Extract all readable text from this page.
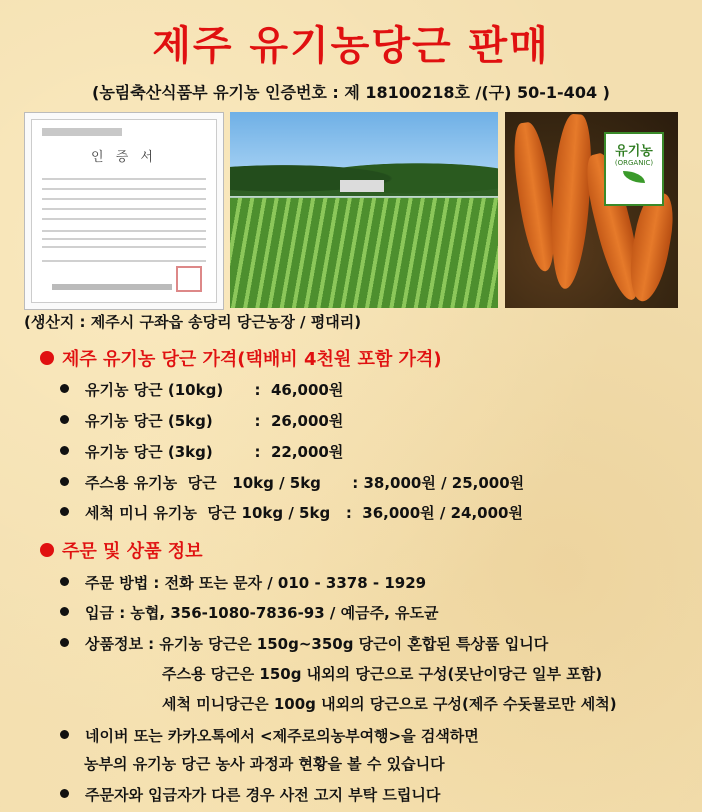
제주 유기농당근 판매
(농림축산식품부 유기농 인증번호 : 제 18100218호 /(구) 50-1-404 )
인 증 서	유기농
(ORGANIC)
(생산지 : 제주시 구좌읍 송당리 당근농장 / 평대리)
제주 유기농 당근 가격(택배비 4천원 포함 가격)
유기농 당근 (10kg)      :  46,000원
유기농 당근 (5kg)        :  26,000원
유기농 당근 (3kg)        :  22,000원
주스용 유기농  당근   10kg / 5kg      : 38,000원 / 25,000원
세척 미니 유기농  당근 10kg / 5kg   :  36,000원 / 24,000원
주문 및 상품 정보
주문 방법 : 전화 또는 문자 / 010 - 3378 - 1929
입금 : 농협, 356-1080-7836-93 / 예금주, 유도균
상품정보 : 유기농 당근은 150g~350g 당근이 혼합된 특상품 입니다
주스용 당근은 150g 내외의 당근으로 구성(못난이당근 일부 포함)
세척 미니당근은 100g 내외의 당근으로 구성(제주 수돗물로만 세척)
네이버 또는 카카오톡에서 <제주로의농부여행>을 검색하면
농부의 유기농 당근 농사 과정과 현황을 볼 수 있습니다
주문자와 입금자가 다른 경우 사전 고지 부탁 드립니다
